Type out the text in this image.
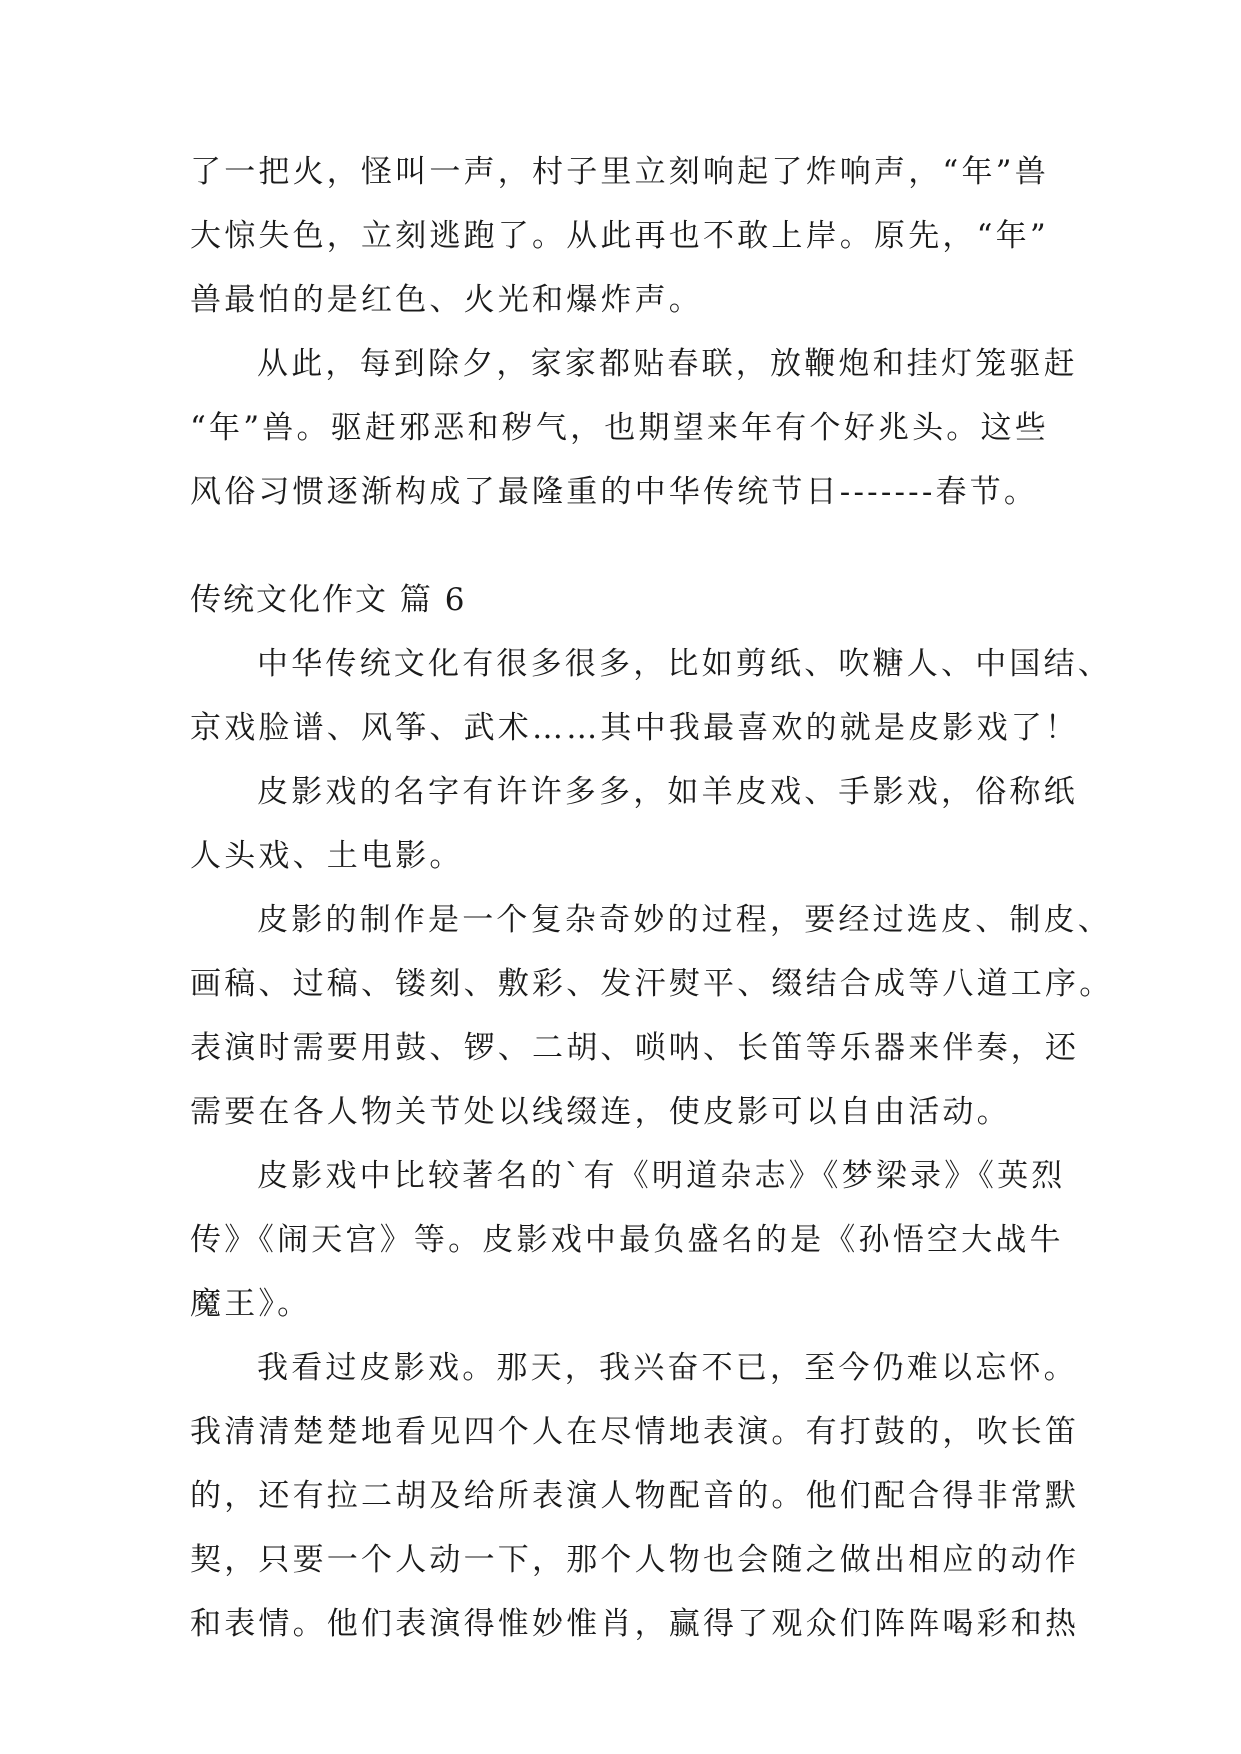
了一把火，怪叫一声，村子里立刻响起了炸响声，“年”兽
大惊失色，立刻逃跑了。从此再也不敢上岸。原先，“年”
兽最怕的是红色、火光和爆炸声。
从此，每到除夕，家家都贴春联，放鞭炮和挂灯笼驱赶
“年”兽。驱赶邪恶和秽气，也期望来年有个好兆头。这些
风俗习惯逐渐构成了最隆重的中华传统节日-------春节。
传统文化作文 篇 6
中华传统文化有很多很多，比如剪纸、吹糖人、中国结、
京戏脸谱、风筝、武术……其中我最喜欢的就是皮影戏了！
皮影戏的名字有许许多多，如羊皮戏、手影戏，俗称纸
人头戏、土电影。
皮影的制作是一个复杂奇妙的过程，要经过选皮、制皮、
画稿、过稿、镂刻、敷彩、发汗熨平、缀结合成等八道工序。
表演时需要用鼓、锣、二胡、唢呐、长笛等乐器来伴奏，还
需要在各人物关节处以线缀连，使皮影可以自由活动。
皮影戏中比较著名的`有《明道杂志》《梦梁录》《英烈
传》《闹天宫》等。皮影戏中最负盛名的是《孙悟空大战牛
魔王》。
我看过皮影戏。那天，我兴奋不已，至今仍难以忘怀。
我清清楚楚地看见四个人在尽情地表演。有打鼓的，吹长笛
的，还有拉二胡及给所表演人物配音的。他们配合得非常默
契，只要一个人动一下，那个人物也会随之做出相应的动作
和表情。他们表演得惟妙惟肖，赢得了观众们阵阵喝彩和热
